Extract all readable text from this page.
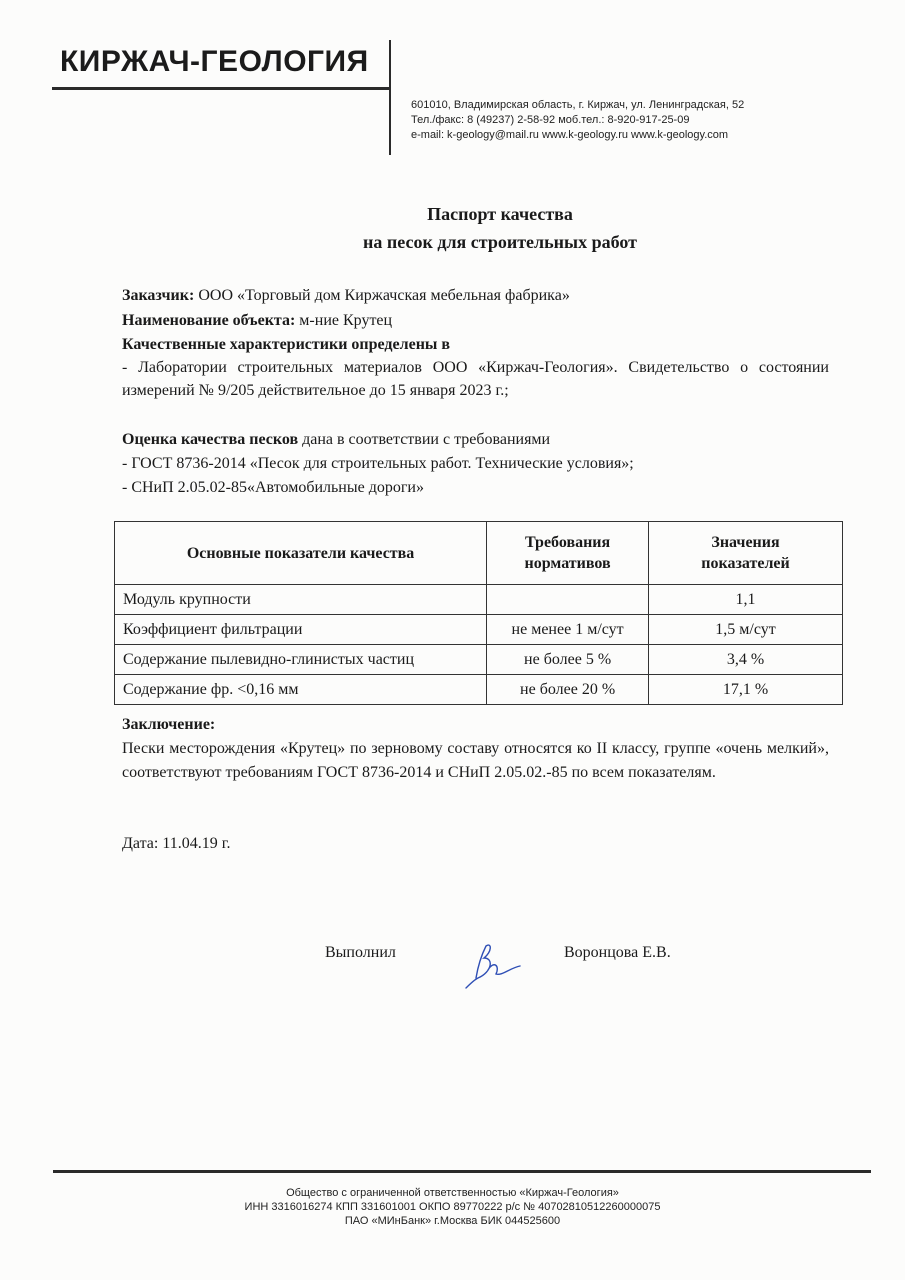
КИРЖАЧ-ГЕОЛОГИЯ
601010, Владимирская область, г. Киржач, ул. Ленинградская, 52
Тел./факс: 8 (49237) 2-58-92 моб.тел.: 8-920-917-25-09
e-mail: k-geology@mail.ru www.k-geology.ru www.k-geology.com
Паспорт качества
на песок для строительных работ
Заказчик: ООО «Торговый дом Киржачская мебельная фабрика»
Наименование объекта: м-ние Крутец
Качественные характеристики определены в
- Лаборатории строительных материалов ООО «Киржач-Геология». Свидетельство о состоянии измерений № 9/205 действительное до 15 января 2023 г.;
Оценка качества песков дана в соответствии с требованиями
- ГОСТ 8736-2014 «Песок для строительных работ. Технические условия»;
- СНиП 2.05.02-85«Автомобильные дороги»
Основные показатели качества	Требования нормативов	Значения показателей
Модуль крупности		1,1
Коэффициент фильтрации	не менее 1 м/сут	1,5 м/сут
Содержание пылевидно-глинистых частиц	не более 5 %	3,4 %
Содержание фр. <0,16 мм	не более 20 %	17,1 %
Заключение:
Пески месторождения «Крутец» по зерновому составу относятся ко II классу, группе «очень мелкий», соответствуют требованиям ГОСТ 8736-2014 и СНиП 2.05.02.-85 по всем показателям.
Дата: 11.04.19 г.
Выполнил	Воронцова Е.В.
Общество с ограниченной ответственностью «Киржач-Геология»
ИНН 3316016274 КПП 331601001 ОКПО 89770222 р/с № 40702810512260000075
ПАО «МИнБанк» г.Москва БИК 044525600
